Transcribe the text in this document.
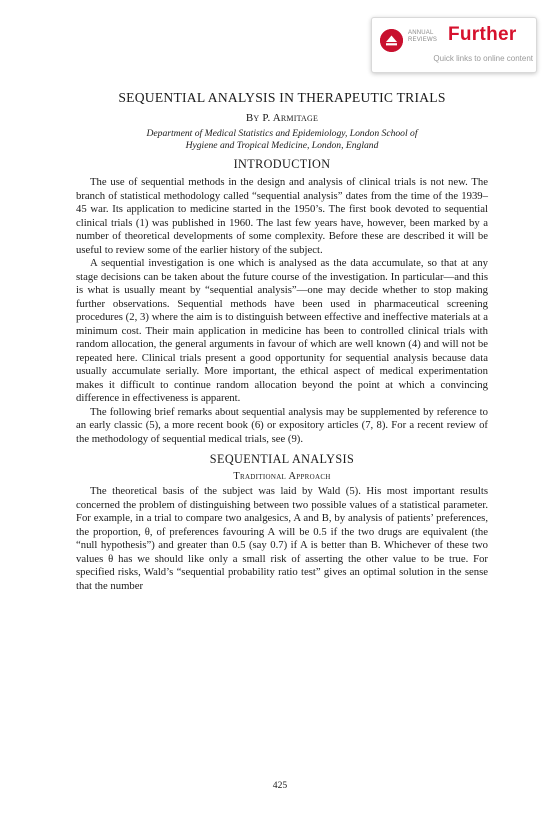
ANNUAL
REVIEWS Further
Quick links to online content
SEQUENTIAL ANALYSIS IN THERAPEUTIC TRIALS
By P. Armitage
Department of Medical Statistics and Epidemiology, London School of
Hygiene and Tropical Medicine, London, England
INTRODUCTION

The use of sequential methods in the design and analysis of clinical trials is not new. The branch of statistical methodology called “sequential analysis” dates from the time of the 1939–45 war. Its application to medicine started in the 1950’s. The first book devoted to sequential clinical trials (1) was published in 1960. The last few years have, however, been marked by a number of theoretical developments of some complexity. Before these are described it will be useful to review some of the earlier history of the subject.

A sequential investigation is one which is analysed as the data accumulate, so that at any stage decisions can be taken about the future course of the investigation. In particular—and this is what is usually meant by “sequential analysis”—one may decide whether to stop making further observations. Sequential methods have been used in pharmaceutical screening procedures (2, 3) where the aim is to distinguish between effective and ineffective materials at a minimum cost. Their main application in medicine has been to controlled clinical trials with random allocation, the general arguments in favour of which are well known (4) and will not be repeated here. Clinical trials present a good opportunity for sequential analysis because data usually accumulate serially. More important, the ethical aspect of medical experimentation makes it difficult to continue random allocation beyond the point at which a convincing difference in effectiveness is apparent.

The following brief remarks about sequential analysis may be supplemented by reference to an early classic (5), a more recent book (6) or expository articles (7, 8). For a recent review of the methodology of sequential medical trials, see (9).

SEQUENTIAL ANALYSIS
Traditional Approach

The theoretical basis of the subject was laid by Wald (5). His most important results concerned the problem of distinguishing between two possible values of a statistical parameter. For example, in a trial to compare two analgesics, A and B, by analysis of patients’ preferences, the proportion, θ, of preferences favouring A will be 0.5 if the two drugs are equivalent (the “null hypothesis”) and greater than 0.5 (say 0.7) if A is better than B. Whichever of these two values θ has we should like only a small risk of asserting the other value to be true. For specified risks, Wald’s “sequential probability ratio test” gives an optimal solution in the sense that the number

425
